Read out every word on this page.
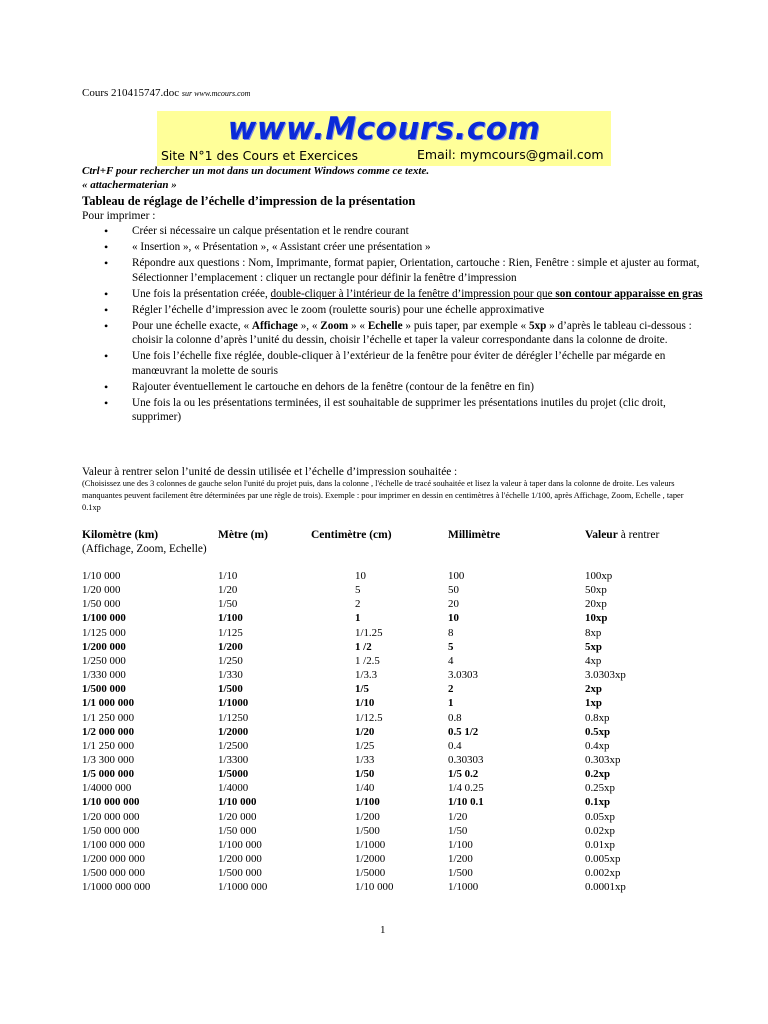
Cours 210415747.doc sur www.mcours.com
www.Mcours.com
Site N°1 des Cours et Exercices	Email: mymcours@gmail.com
Ctrl+F pour rechercher un mot dans un document Windows comme ce texte.
« attachermaterian »
Tableau de réglage de l’échelle d’impression de la présentation
Pour imprimer :
• Créer si nécessaire un calque présentation et le rendre courant
• « Insertion », « Présentation », « Assistant créer une présentation »
• Répondre aux questions : Nom, Imprimante, format papier, Orientation, cartouche : Rien, Fenêtre : simple et ajuster au format, Sélectionner l’emplacement : cliquer un rectangle pour définir la fenêtre d’impression
• Une fois la présentation créée, double-cliquer à l’intérieur de la fenêtre d’impression pour que son contour apparaisse en gras
• Régler l’échelle d’impression avec le zoom (roulette souris) pour une échelle approximative
• Pour une échelle exacte, « Affichage », « Zoom » « Echelle » puis taper, par exemple « 5xp » d’après le tableau ci-dessous : choisir la colonne d’après l’unité du dessin, choisir l’échelle et taper la valeur correspondante dans la colonne de droite.
• Une fois l’échelle fixe réglée, double-cliquer à l’extérieur de la fenêtre pour éviter de dérégler l’échelle par mégarde en manœuvrant la molette de souris
• Rajouter éventuellement le cartouche en dehors de la fenêtre (contour de la fenêtre en fin)
• Une fois la ou les présentations terminées, il est souhaitable de supprimer les présentations inutiles du projet (clic droit, supprimer)
Valeur à rentrer selon l’unité de dessin utilisée et l’échelle d’impression souhaitée :
(Choisissez une des 3 colonnes de gauche selon l'unité du projet puis, dans la colonne , l'échelle de tracé souhaitée et lisez la valeur à taper dans la colonne de droite. Les valeurs manquantes peuvent facilement être déterminées par une règle de trois). Exemple : pour imprimer en dessin en centimètres à l'échelle 1/100, après Affichage, Zoom, Echelle , taper 0.1xp
Kilomètre (km)	Mètre (m)	Centimètre (cm)	Millimètre	Valeur à rentrer
(Affichage, Zoom, Echelle)
1/10 000	1/10	10	100	100xp
1/20 000	1/20	5	50	50xp
1/50 000	1/50	2	20	20xp
1/100 000	1/100	1	10	10xp
1/125 000	1/125	1/1.25	8	8xp
1/200 000	1/200	1 /2	5	5xp
1/250 000	1/250	1 /2.5	4	4xp
1/330 000	1/330	1/3.3	3.0303	3.0303xp
1/500 000	1/500	1/5	2	2xp
1/1 000 000	1/1000	1/10	1	1xp
1/1 250 000	1/1250	1/12.5	0.8	0.8xp
1/2 000 000	1/2000	1/20	0.5 1/2	0.5xp
1/1 250 000	1/2500	1/25	0.4	0.4xp
1/3 300 000	1/3300	1/33	0.30303	0.303xp
1/5 000 000	1/5000	1/50	1/5 0.2	0.2xp
1/4000 000	1/4000	1/40	1/4 0.25	0.25xp
1/10 000 000	1/10 000	1/100	1/10 0.1	0.1xp
1/20 000 000	1/20 000	1/200	1/20	0.05xp
1/50 000 000	1/50 000	1/500	1/50	0.02xp
1/100 000 000	1/100 000	1/1000	1/100	0.01xp
1/200 000 000	1/200 000	1/2000	1/200	0.005xp
1/500 000 000	1/500 000	1/5000	1/500	0.002xp
1/1000 000 000	1/1000 000	1/10 000	1/1000	0.0001xp
1
